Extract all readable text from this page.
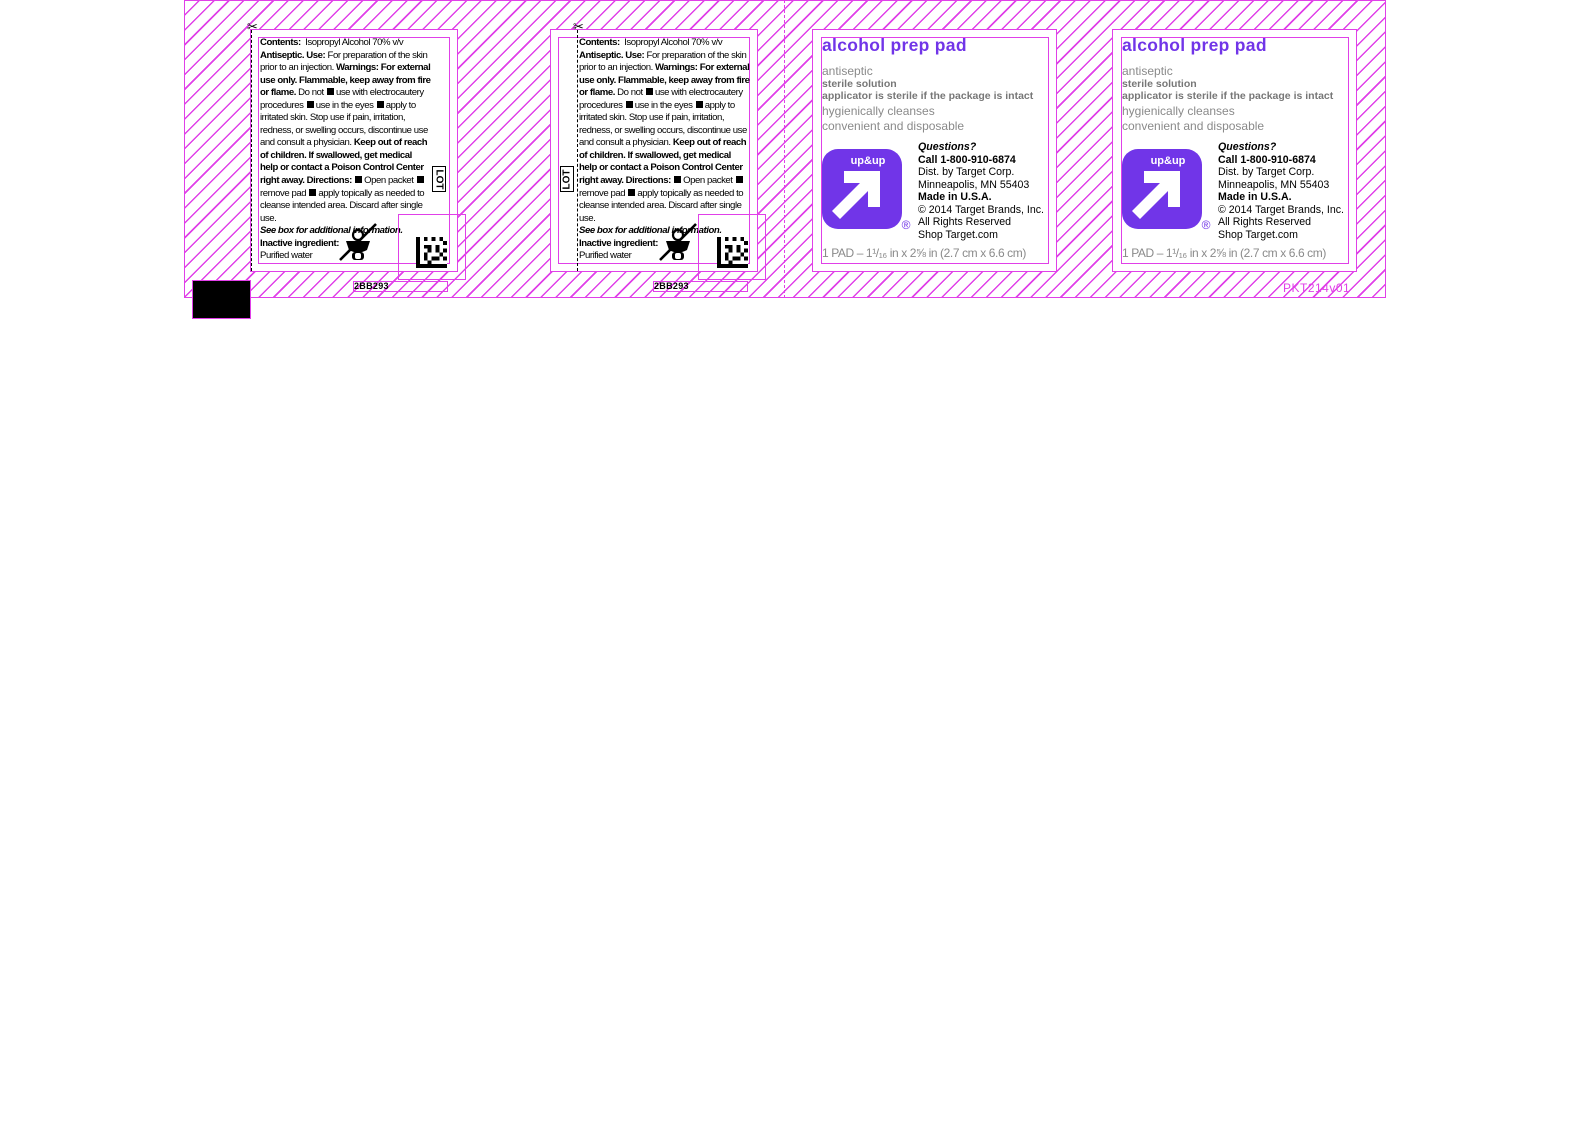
✂
Contents: Isopropyl Alcohol 70% v/v Antiseptic. Use: For preparation of the skin prior to an injection. Warnings: For external use only. Flammable, keep away from fire or flame. Do not use with electrocautery procedures use in the eyes apply to irritated skin. Stop use if pain, irritation, redness, or swelling occurs, discontinue use and consult a physician. Keep out of reach of children. If swallowed, get medical help or contact a Poison Control Center right away. Directions: Open packet remove pad apply topically as needed to cleanse intended area. Discard after single use.
See box for additional information.
Inactive ingredient:
Purified water
LOT
2BB293
✂
LOT
Contents: Isopropyl Alcohol 70% v/v Antiseptic. Use: For preparation of the skin prior to an injection. Warnings: For external use only. Flammable, keep away from fire or flame. Do not use with electrocautery procedures use in the eyes apply to irritated skin. Stop use if pain, irritation, redness, or swelling occurs, discontinue use and consult a physician. Keep out of reach of children. If swallowed, get medical help or contact a Poison Control Center right away. Directions: Open packet remove pad apply topically as needed to cleanse intended area. Discard after single use.
See box for additional information.
Inactive ingredient:
Purified water
2BB293
alcohol prep pad
antiseptic
sterile solution
applicator is sterile if the package is intact
hygienically cleanses
convenient and disposable
up&up
®
Questions?
Call 1-800-910-6874
Dist. by Target Corp.
Minneapolis, MN 55403
Made in U.S.A.
© 2014 Target Brands, Inc.
All Rights Reserved
Shop Target.com
1 PAD – 1¹/₁₆ in x 2⅝ in (2.7 cm x 6.6 cm)
alcohol prep pad
antiseptic
sterile solution
applicator is sterile if the package is intact
hygienically cleanses
convenient and disposable
up&up
®
Questions?
Call 1-800-910-6874
Dist. by Target Corp.
Minneapolis, MN 55403
Made in U.S.A.
© 2014 Target Brands, Inc.
All Rights Reserved
Shop Target.com
1 PAD – 1¹/₁₆ in x 2⅝ in (2.7 cm x 6.6 cm)
PKT214v01
